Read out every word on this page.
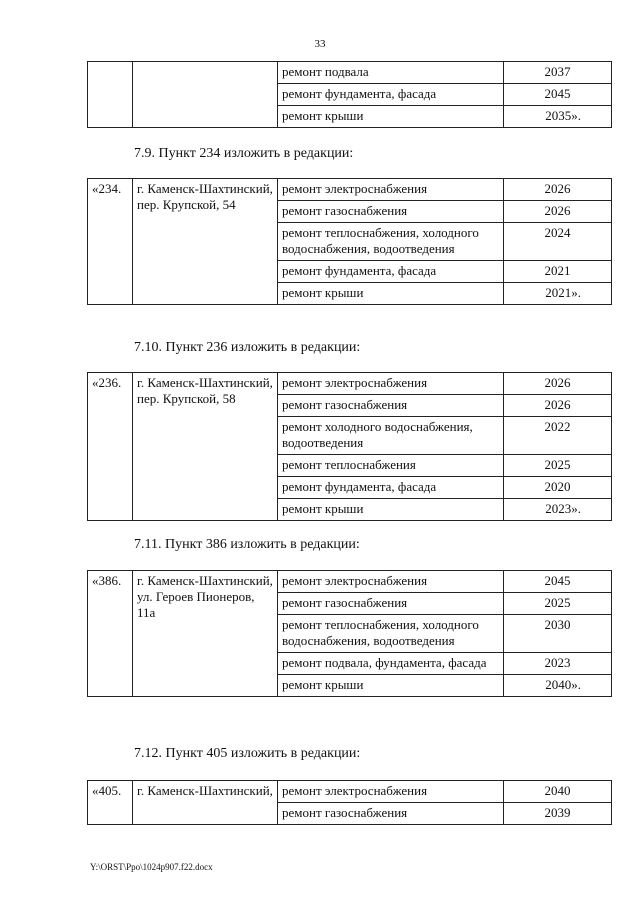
33
		ремонт подвала	2037
		ремонт фундамента, фасада	2045
		ремонт крыши	2035».
7.9. Пункт 234 изложить в редакции:
«234.	г. Каменск-Шахтинский, пер. Крупской, 54	ремонт электроснабжения	2026
		ремонт газоснабжения	2026
		ремонт теплоснабжения, холодного водоснабжения, водоотведения	2024
		ремонт фундамента, фасада	2021
		ремонт крыши	2021».
7.10. Пункт 236 изложить в редакции:
«236.	г. Каменск-Шахтинский, пер. Крупской, 58	ремонт электроснабжения	2026
		ремонт газоснабжения	2026
		ремонт холодного водоснабжения, водоотведения	2022
		ремонт теплоснабжения	2025
		ремонт фундамента, фасада	2020
		ремонт крыши	2023».
7.11. Пункт 386 изложить в редакции:
«386.	г. Каменск-Шахтинский, ул. Героев Пионеров, 11а	ремонт электроснабжения	2045
		ремонт газоснабжения	2025
		ремонт теплоснабжения, холодного водоснабжения, водоотведения	2030
		ремонт подвала, фундамента, фасада	2023
		ремонт крыши	2040».
7.12. Пункт 405 изложить в редакции:
«405.	г. Каменск-Шахтинский,	ремонт электроснабжения	2040
		ремонт газоснабжения	2039
Y:\ORST\Ppo\1024p907.f22.docx
